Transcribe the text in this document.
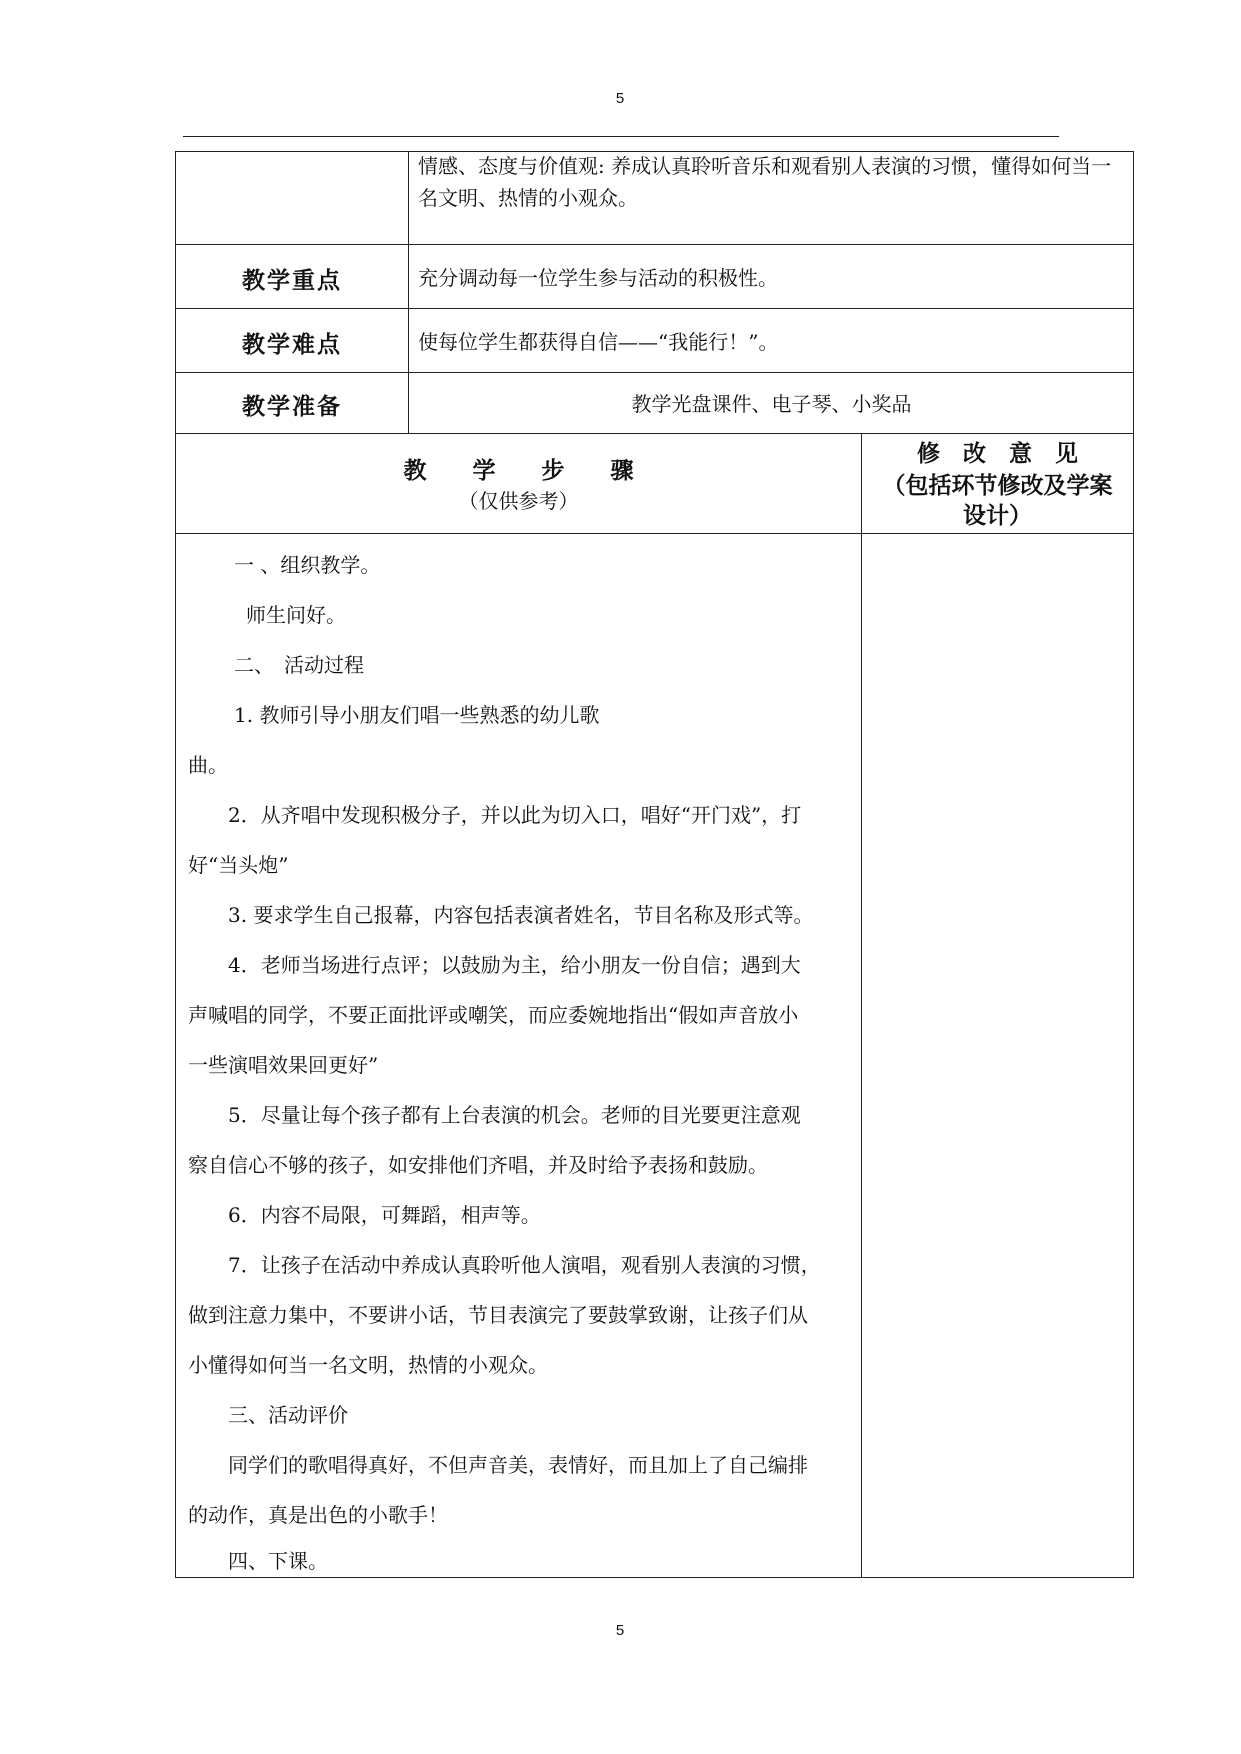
5
情感、态度与价值观: 养成认真聆听音乐和观看别人表演的习惯，懂得如何当一名文明、热情的小观众。
教学重点	充分调动每一位学生参与活动的积极性。
教学难点	使每位学生都获得自信——“我能行！”。
教学准备	教学光盘课件、电子琴、小奖品
教　　学　　步　　骤
（仅供参考）
修　改　意　见
（包括环节修改及学案
设计）
一 、组织教学。
师生问好。
二、　活动过程
1. 教师引导小朋友们唱一些熟悉的幼儿歌
曲。
2．从齐唱中发现积极分子，并以此为切入口，唱好“开门戏”，打
好“当头炮”
3. 要求学生自己报幕，内容包括表演者姓名，节目名称及形式等。
4．老师当场进行点评；以鼓励为主，给小朋友一份自信；遇到大
声喊唱的同学，不要正面批评或嘲笑，而应委婉地指出“假如声音放小
一些演唱效果回更好”
5．尽量让每个孩子都有上台表演的机会。老师的目光要更注意观
察自信心不够的孩子，如安排他们齐唱，并及时给予表扬和鼓励。
6．内容不局限，可舞蹈，相声等。
7．让孩子在活动中养成认真聆听他人演唱，观看别人表演的习惯，
做到注意力集中，不要讲小话，节目表演完了要鼓掌致谢，让孩子们从
小懂得如何当一名文明，热情的小观众。
三、活动评价
同学们的歌唱得真好，不但声音美，表情好，而且加上了自己编排
的动作，真是出色的小歌手！
四、下课。
5
